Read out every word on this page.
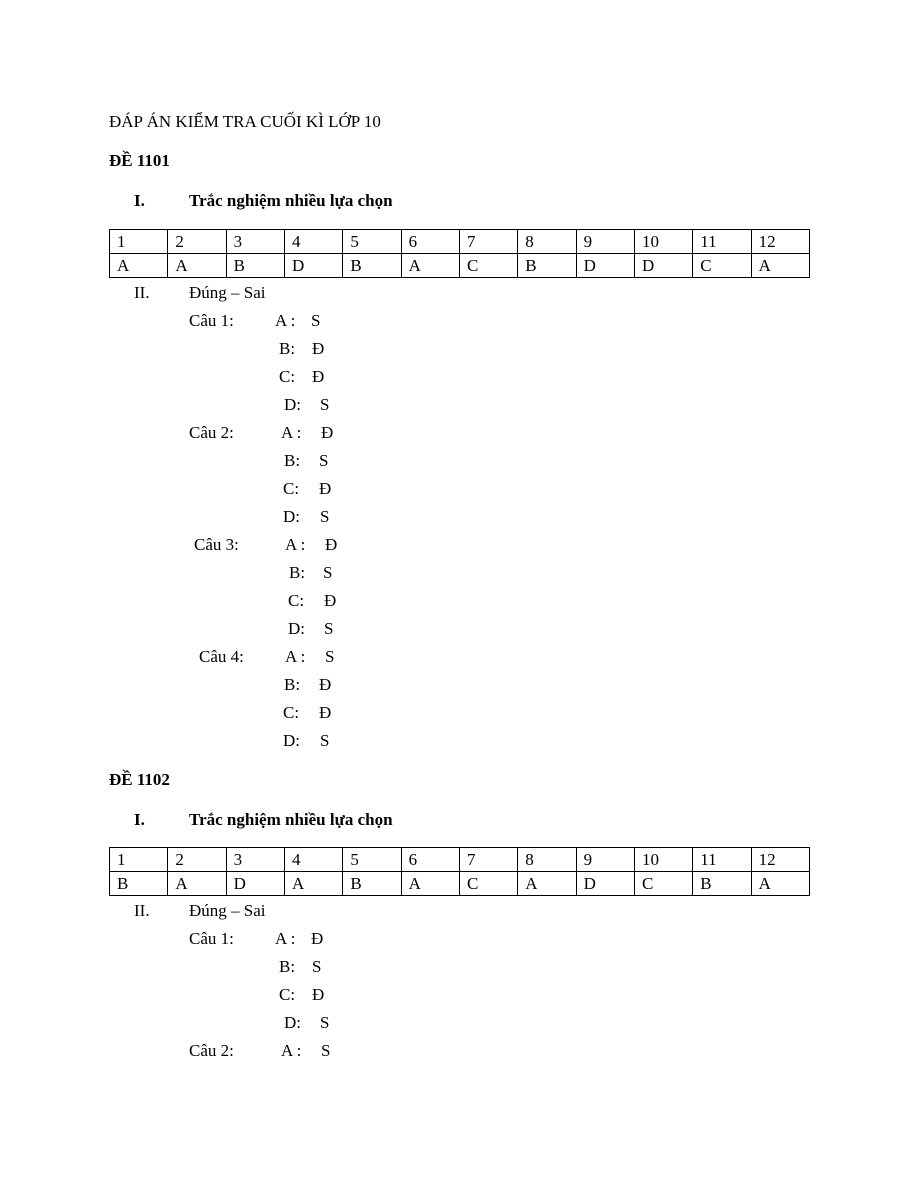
ĐÁP ÁN KIỂM TRA CUỐI KÌ LỚP 10
ĐỀ 1101
I.	Trắc nghiệm nhiều lựa chọn
1	2	3	4	5	6	7	8	9	10	11	12
A	A	B	D	B	A	C	B	D	D	C	A
II. Đúng – Sai
Câu 1: A : S
B: Đ
C: Đ
D: S
Câu 2:	A : Đ
B: S
C: Đ
D: S
Câu 3:	A : Đ
B: S
C: Đ
D: S
Câu 4: A : S
B: Đ
C: Đ
D: S
ĐỀ 1102
I.	Trắc nghiệm nhiều lựa chọn
1	2	3	4	5	6	7	8	9	10	11	12
B	A	D	A	B	A	C	A	D	C	B	A
II. Đúng – Sai
Câu 1: A : Đ
B: S
C: Đ
D: S
Câu 2:	A : S
